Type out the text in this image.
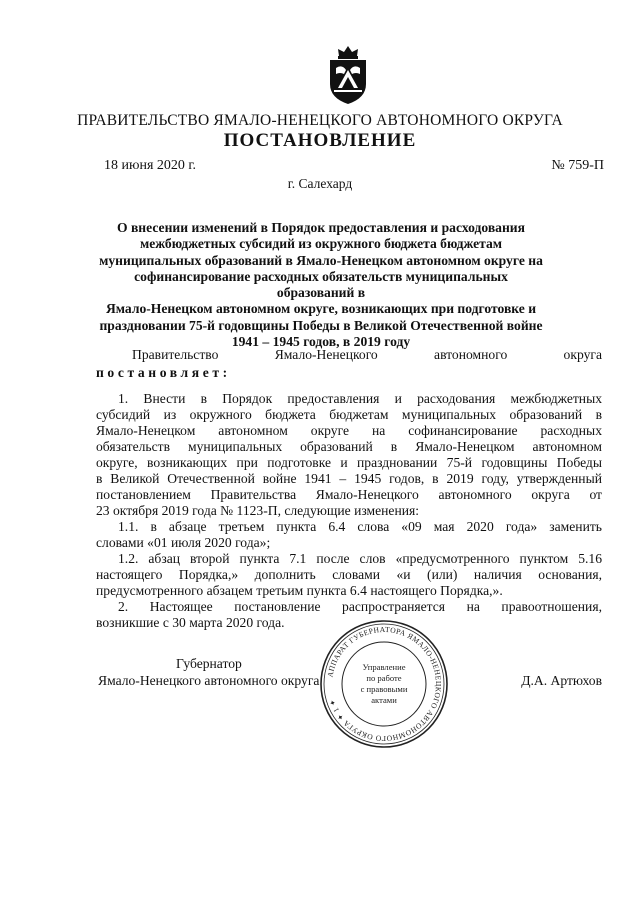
ПРАВИТЕЛЬСТВО ЯМАЛО-НЕНЕЦКОГО АВТОНОМНОГО ОКРУГА
ПОСТАНОВЛЕНИЕ
18 июня 2020 г.	№ 759-П
г. Салехард
О внесении изменений в Порядок предоставления и расходования
межбюджетных субсидий из окружного бюджета бюджетам
муниципальных образований в Ямало-Ненецком автономном округе на
софинансирование расходных обязательств муниципальных образований в
Ямало-Ненецком автономном округе, возникающих при подготовке и
праздновании 75-й годовщины Победы в Великой Отечественной войне
1941 – 1945 годов, в 2019 году
Правительство Ямало-Ненецкого автономного округа
постановляет:
1. Внести в Порядок предоставления и расходования межбюджетных
субсидий из окружного бюджета бюджетам муниципальных образований в
Ямало-Ненецком автономном округе на софинансирование расходных
обязательств муниципальных образований в Ямало-Ненецком автономном
округе, возникающих при подготовке и праздновании 75-й годовщины Победы
в Великой Отечественной войне 1941 – 1945 годов, в 2019 году, утвержденный
постановлением Правительства Ямало-Ненецкого автономного округа от
23 октября 2019 года № 1123-П, следующие изменения:
1.1. в абзаце третьем пункта 6.4 слова «09 мая 2020 года» заменить
словами «01 июля 2020 года»;
1.2. абзац второй пункта 7.1 после слов «предусмотренного пунктом 5.16
настоящего Порядка,» дополнить словами «и (или) наличия основания,
предусмотренного абзацем третьим пункта 6.4 настоящего Порядка,».
2. Настоящее постановление распространяется на правоотношения,
возникшие с 30 марта 2020 года.
Губернатор
Ямало-Ненецкого автономного округа	Д.А. Артюхов
АППАРАТ ГУБЕРНАТОРА ЯМАЛО-НЕНЕЦКОГО АВТОНОМНОГО ОКРУГА ✦ 1 ✦
Управление
по работе
с правовыми
актами
